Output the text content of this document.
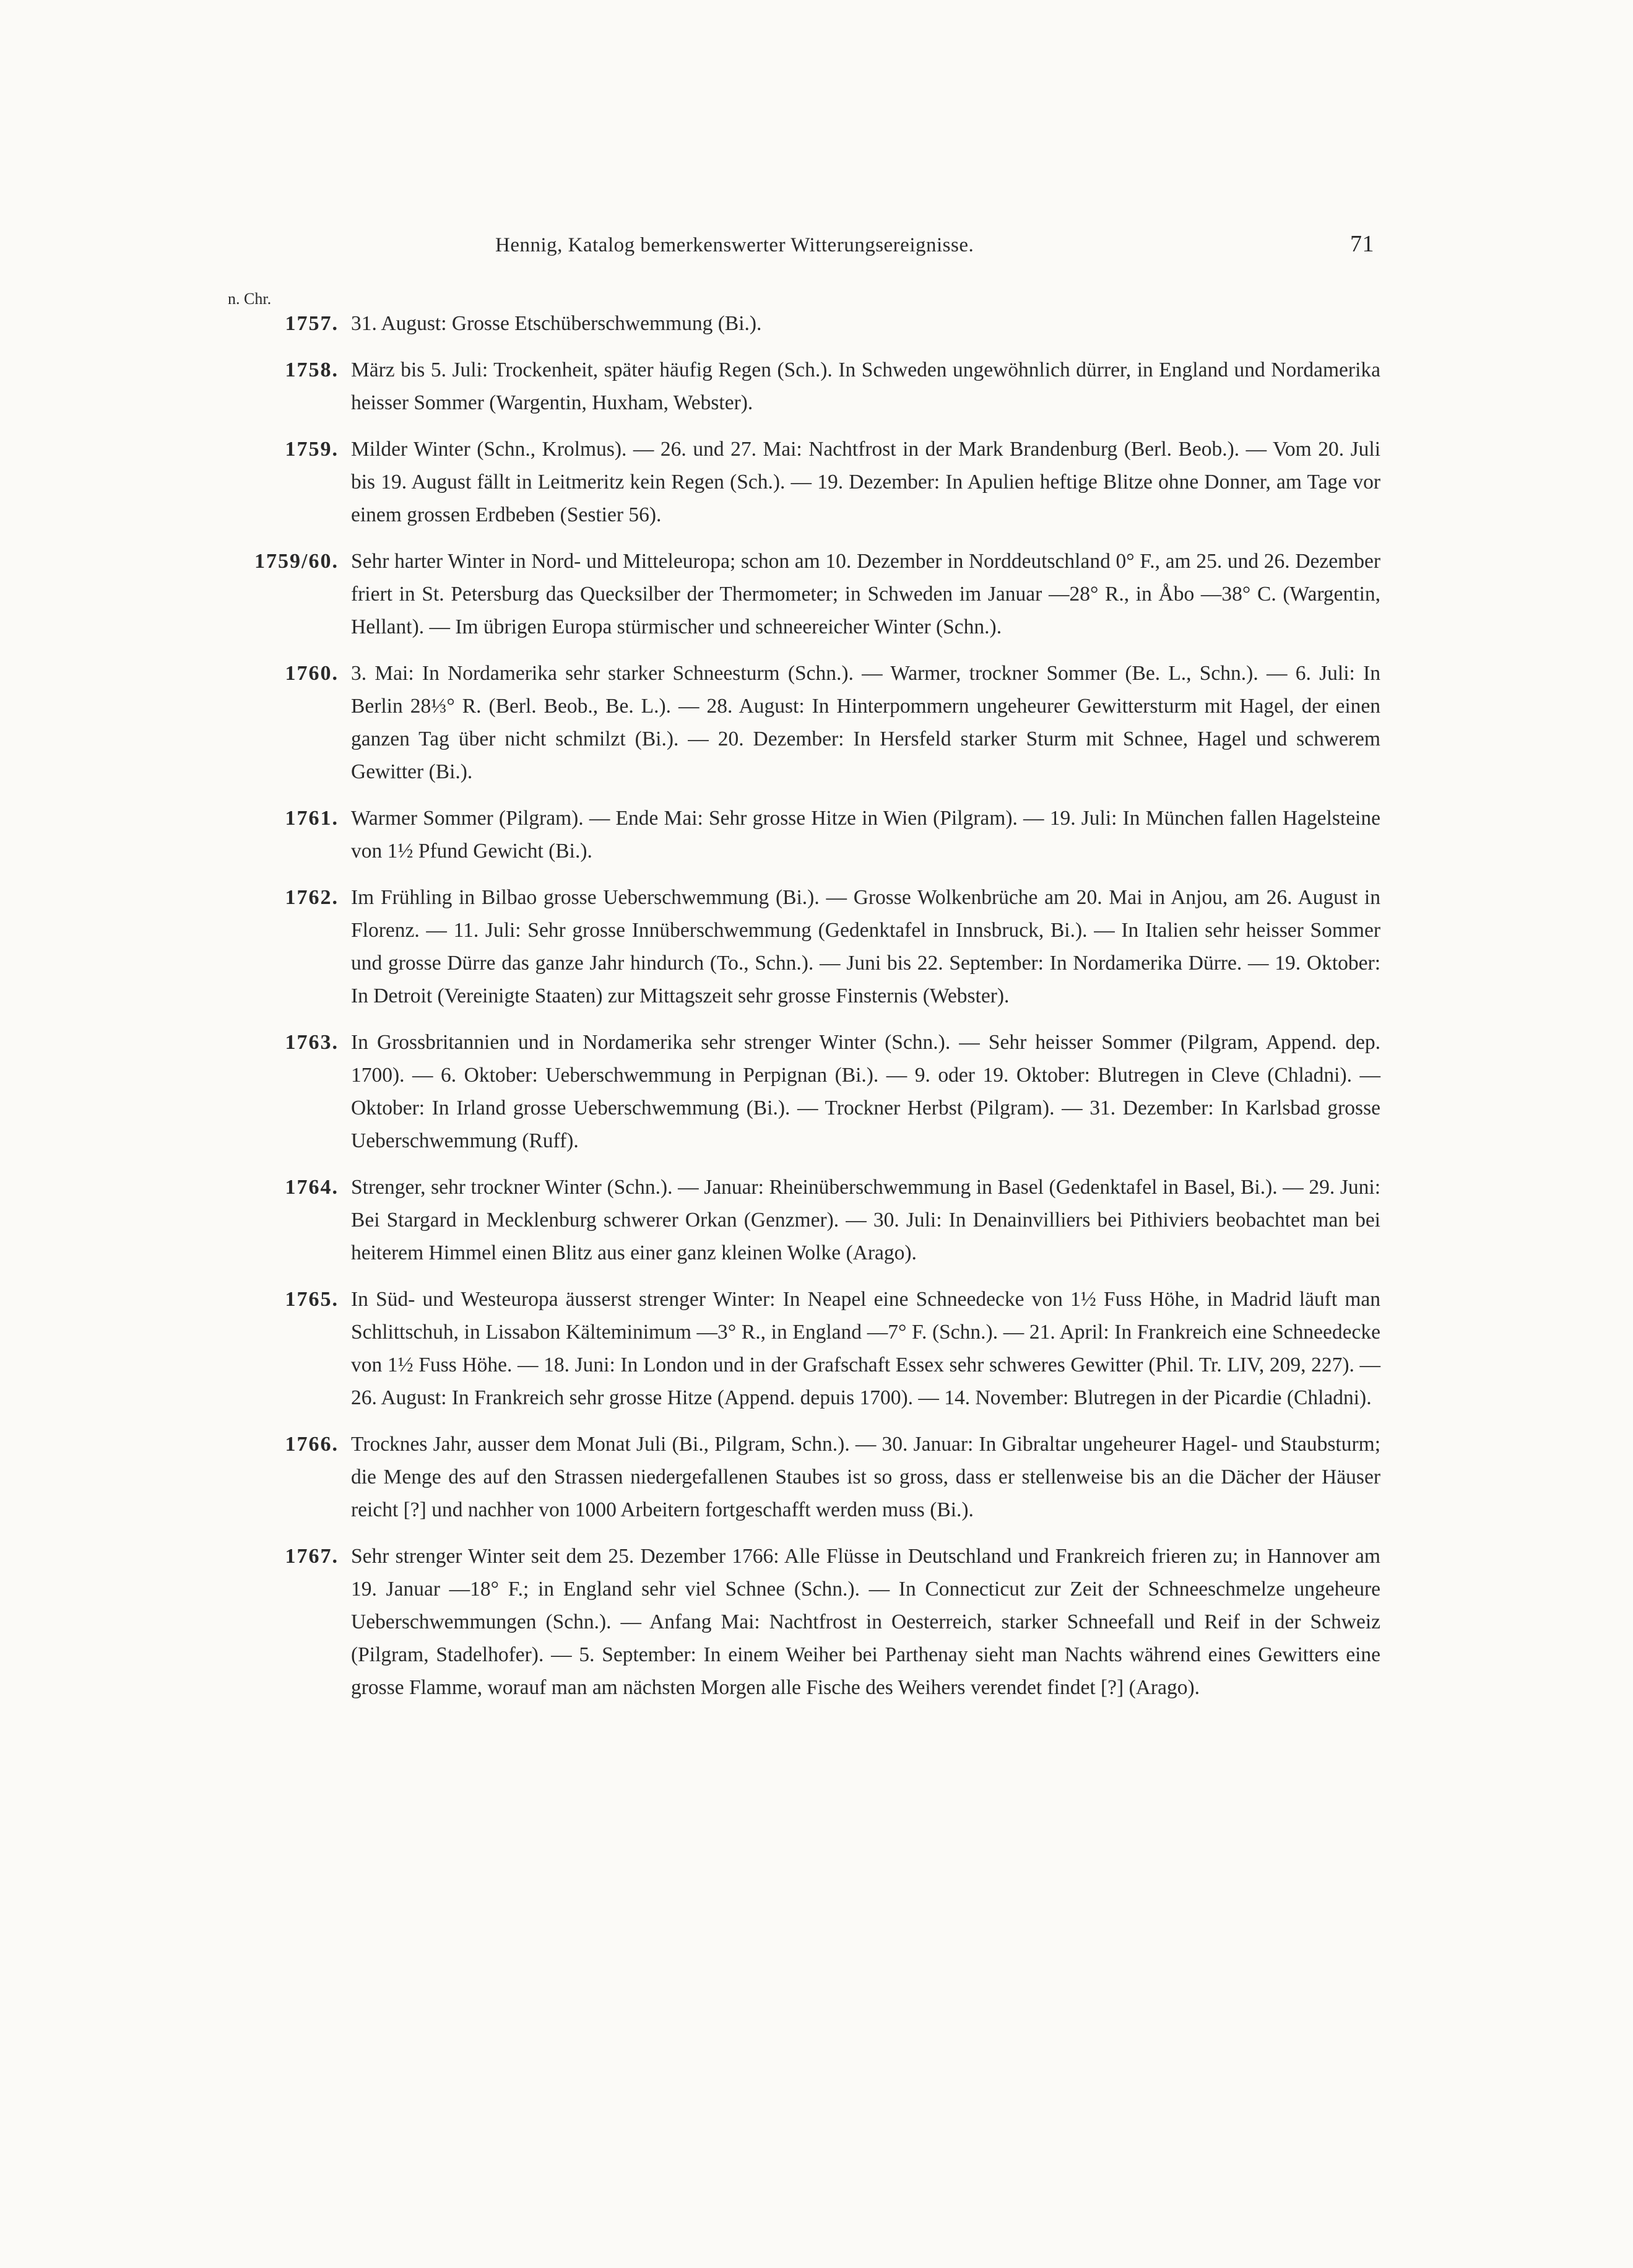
Hennig, Katalog bemerkenswerter Witterungsereignisse.	71
n. Chr.
1757. 31. August: Grosse Etschüberschwemmung (Bi.).
1758. März bis 5. Juli: Trockenheit, später häufig Regen (Sch.). In Schweden ungewöhnlich dürrer, in England und Nordamerika heisser Sommer (Wargentin, Huxham, Webster).
1759. Milder Winter (Schn., Krolmus). — 26. und 27. Mai: Nachtfrost in der Mark Brandenburg (Berl. Beob.). — Vom 20. Juli bis 19. August fällt in Leitmeritz kein Regen (Sch.). — 19. Dezember: In Apulien heftige Blitze ohne Donner, am Tage vor einem grossen Erdbeben (Sestier 56).
1759/60. Sehr harter Winter in Nord- und Mitteleuropa; schon am 10. Dezember in Norddeutschland 0° F., am 25. und 26. Dezember friert in St. Petersburg das Quecksilber der Thermometer; in Schweden im Januar —28° R., in Åbo —38° C. (Wargentin, Hellant). — Im übrigen Europa stürmischer und schneereicher Winter (Schn.).
1760. 3. Mai: In Nordamerika sehr starker Schneesturm (Schn.). — Warmer, trockner Sommer (Be. L., Schn.). — 6. Juli: In Berlin 28⅓° R. (Berl. Beob., Be. L.). — 28. August: In Hinterpommern ungeheurer Gewittersturm mit Hagel, der einen ganzen Tag über nicht schmilzt (Bi.). — 20. Dezember: In Hersfeld starker Sturm mit Schnee, Hagel und schwerem Gewitter (Bi.).
1761. Warmer Sommer (Pilgram). — Ende Mai: Sehr grosse Hitze in Wien (Pilgram). — 19. Juli: In München fallen Hagelsteine von 1½ Pfund Gewicht (Bi.).
1762. Im Frühling in Bilbao grosse Ueberschwemmung (Bi.). — Grosse Wolkenbrüche am 20. Mai in Anjou, am 26. August in Florenz. — 11. Juli: Sehr grosse Innüberschwemmung (Gedenktafel in Innsbruck, Bi.). — In Italien sehr heisser Sommer und grosse Dürre das ganze Jahr hindurch (To., Schn.). — Juni bis 22. September: In Nordamerika Dürre. — 19. Oktober: In Detroit (Vereinigte Staaten) zur Mittagszeit sehr grosse Finsternis (Webster).
1763. In Grossbritannien und in Nordamerika sehr strenger Winter (Schn.). — Sehr heisser Sommer (Pilgram, Append. dep. 1700). — 6. Oktober: Ueberschwemmung in Perpignan (Bi.). — 9. oder 19. Oktober: Blutregen in Cleve (Chladni). — Oktober: In Irland grosse Ueberschwemmung (Bi.). — Trockner Herbst (Pilgram). — 31. Dezember: In Karlsbad grosse Ueberschwemmung (Ruff).
1764. Strenger, sehr trockner Winter (Schn.). — Januar: Rheinüberschwemmung in Basel (Gedenktafel in Basel, Bi.). — 29. Juni: Bei Stargard in Mecklenburg schwerer Orkan (Genzmer). — 30. Juli: In Denainvilliers bei Pithiviers beobachtet man bei heiterem Himmel einen Blitz aus einer ganz kleinen Wolke (Arago).
1765. In Süd- und Westeuropa äusserst strenger Winter: In Neapel eine Schneedecke von 1½ Fuss Höhe, in Madrid läuft man Schlittschuh, in Lissabon Kälteminimum —3° R., in England —7° F. (Schn.). — 21. April: In Frankreich eine Schneedecke von 1½ Fuss Höhe. — 18. Juni: In London und in der Grafschaft Essex sehr schweres Gewitter (Phil. Tr. LIV, 209, 227). — 26. August: In Frankreich sehr grosse Hitze (Append. depuis 1700). — 14. November: Blutregen in der Picardie (Chladni).
1766. Trocknes Jahr, ausser dem Monat Juli (Bi., Pilgram, Schn.). — 30. Januar: In Gibraltar ungeheurer Hagel- und Staubsturm; die Menge des auf den Strassen niedergefallenen Staubes ist so gross, dass er stellenweise bis an die Dächer der Häuser reicht [?] und nachher von 1000 Arbeitern fortgeschafft werden muss (Bi.).
1767. Sehr strenger Winter seit dem 25. Dezember 1766: Alle Flüsse in Deutschland und Frankreich frieren zu; in Hannover am 19. Januar —18° F.; in England sehr viel Schnee (Schn.). — In Connecticut zur Zeit der Schneeschmelze ungeheure Ueberschwemmungen (Schn.). — Anfang Mai: Nachtfrost in Oesterreich, starker Schneefall und Reif in der Schweiz (Pilgram, Stadelhofer). — 5. September: In einem Weiher bei Parthenay sieht man Nachts während eines Gewitters eine grosse Flamme, worauf man am nächsten Morgen alle Fische des Weihers verendet findet [?] (Arago).
